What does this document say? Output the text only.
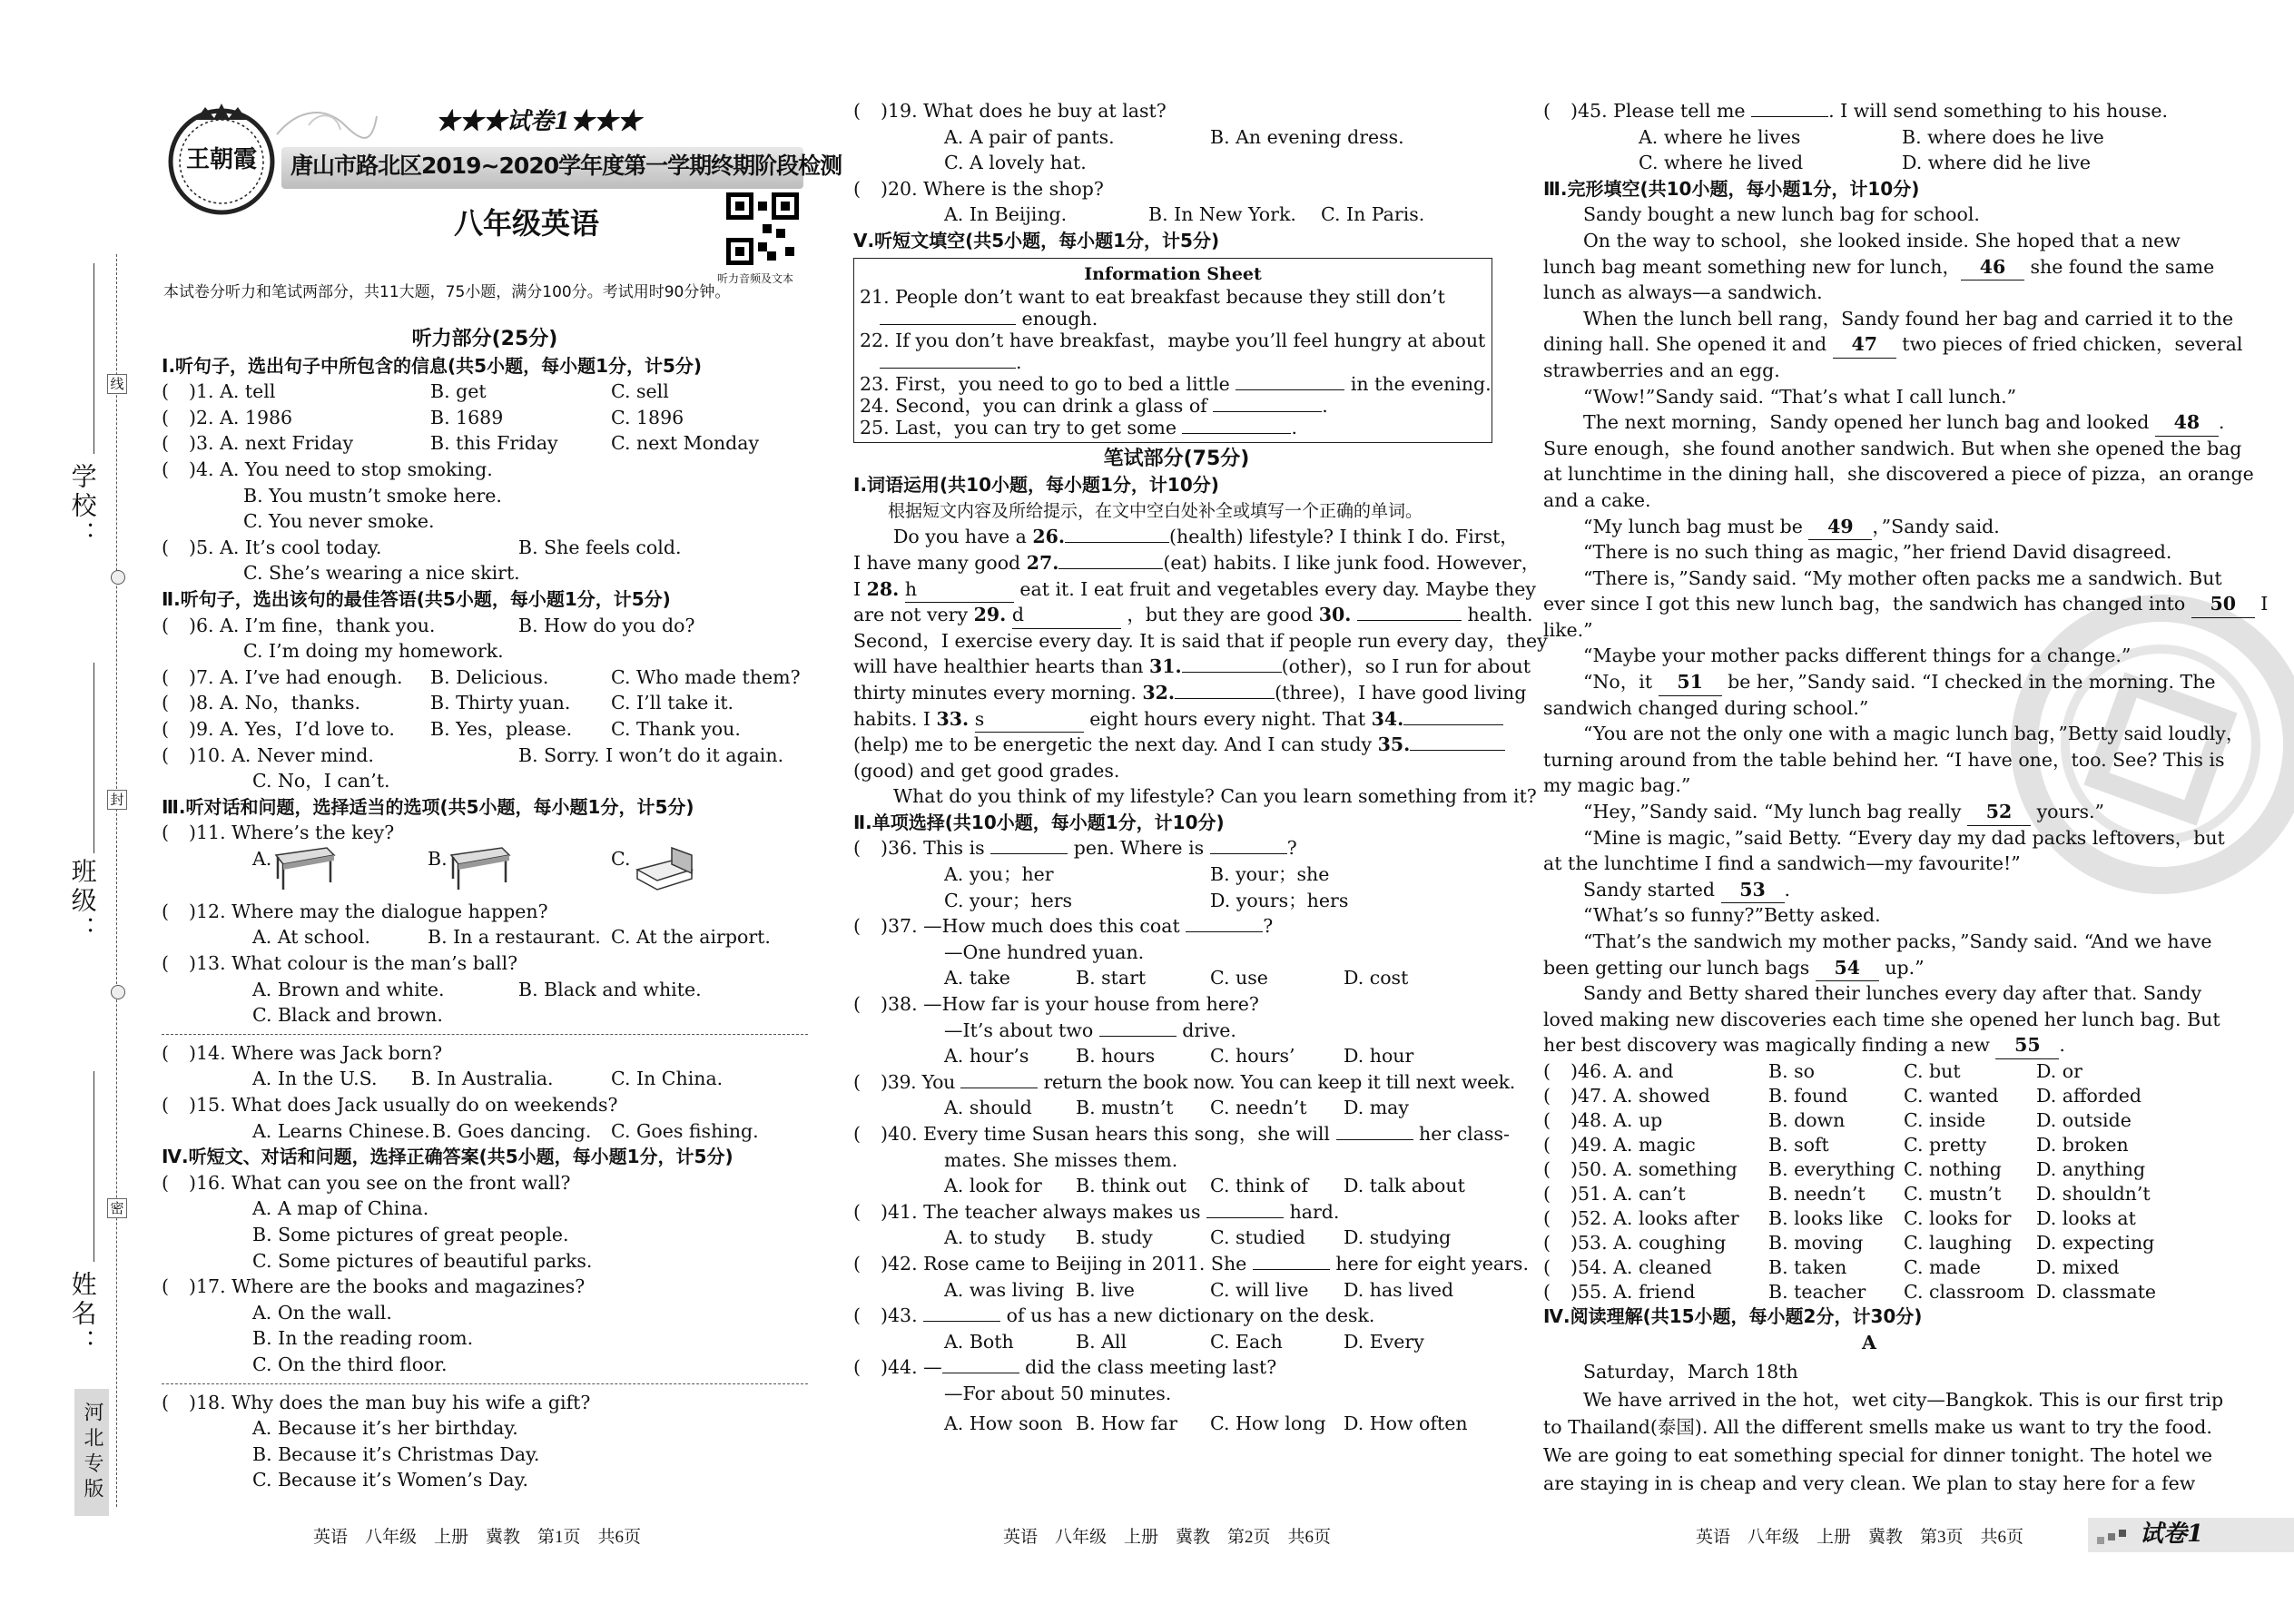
线
封
密
学校：
班级：
姓名：
河北专版
王朝霞
★★★试卷1★★★
唐山市路北区2019~2020学年度第一学期终期阶段检测
八年级英语
听力音频及文本
本试卷分听力和笔试两部分，共11大题，75小题，满分100分。考试用时90分钟。
听力部分(25分)
Ⅰ.听句子，选出句子中所包含的信息(共5小题，每小题1分，计5分)
( )1. A. tell	B. get	C. sell
( )2. A. 1986	B. 1689	C. 1896
( )3. A. next Friday	B. this Friday	C. next Monday
( )4. A. You need to stop smoking.
B. You mustn’t smoke here.
C. You never smoke.
( )5. A. It’s cool today.	B. She feels cold.
C. She’s wearing a nice skirt.
Ⅱ.听句子，选出该句的最佳答语(共5小题，每小题1分，计5分)
( )6. A. I’m fine，thank you.	B. How do you do?
C. I’m doing my homework.
( )7. A. I’ve had enough. B. Delicious.	C. Who made them?
( )8. A. No，thanks.	B. Thirty yuan. C. I’ll take it.
( )9. A. Yes，I’d love to. B. Yes，please. C. Thank you.
( )10. A. Never mind.	B. Sorry. I won’t do it again.
C. No，I can’t.
Ⅲ.听对话和问题，选择适当的选项(共5小题，每小题1分，计5分)
( )11. Where’s the key?
A.	B.	C.
( )12. Where may the dialogue happen?
A. At school.	B. In a restaurant. C. At the airport.
( )13. What colour is the man’s ball?
A. Brown and white.	B. Black and white.
C. Black and brown.
( )14. Where was Jack born?
A. In the U.S. B. In Australia.	C. In China.
( )15. What does Jack usually do on weekends?
A. Learns Chinese. B. Goes dancing. C. Goes fishing.
Ⅳ.听短文、对话和问题，选择正确答案(共5小题，每小题1分，计5分)
( )16. What can you see on the front wall?
A. A map of China.
B. Some pictures of great people.
C. Some pictures of beautiful parks.
( )17. Where are the books and magazines?
A. On the wall.
B. In the reading room.
C. On the third floor.
( )18. Why does the man buy his wife a gift?
A. Because it’s her birthday.
B. Because it’s Christmas Day.
C. Because it’s Women’s Day.
英语　八年级　上册　冀教　第1页　共6页
( )19. What does he buy at last?
A. A pair of pants.	B. An evening dress.
C. A lovely hat.
( )20. Where is the shop?
A. In Beijing.	B. In New York. C. In Paris.
Ⅴ.听短文填空(共5小题，每小题1分，计5分)
Information Sheet
21. People don’t want to eat breakfast because they still don’t
enough.
22. If you don’t have breakfast，maybe you’ll feel hungry at about
.
23. First，you need to go to bed a little	in the evening.
24. Second，you can drink a glass of	.
25. Last，you can try to get some	.
笔试部分(75分)
Ⅰ.词语运用(共10小题，每小题1分，计10分)
根据短文内容及所给提示，在文中空白处补全或填写一个正确的单词。
Do you have a 26.	(health) lifestyle? I think I do. First，
I have many good 27.	(eat) habits. I like junk food. However，
I 28. h	eat it. I eat fruit and vegetables every day. Maybe they
are not very 29. d	，but they are good 30.	health.
Second，I exercise every day. It is said that if people run every day，they
will have healthier hearts than 31.	(other)，so I run for about
thirty minutes every morning. 32.	(three)，I have good living
habits. I 33. s	eight hours every night. That 34.
(help) me to be energetic the next day. And I can study 35.
(good) and get good grades.
What do you think of my lifestyle? Can you learn something from it?
Ⅱ.单项选择(共10小题，每小题1分，计10分)
( )36. This is	pen. Where is	?
A. you；her	B. your；she
C. your；hers	D. yours；hers
( )37. —How much does this coat	?
—One hundred yuan.
A. take	B. start	C. use	D. cost
( )38. —How far is your house from here?
—It’s about two	drive.
A. hour’s	B. hours	C. hours’	D. hour
( )39. You	return the book now. You can keep it till next week.
A. should B. mustn’t C. needn’t D. may
( )40. Every time Susan hears this song，she will	her class-
mates. She misses them.
A. look for B. think out C. think of D. talk about
( )41. The teacher always makes us	hard.
A. to study B. study	C. studied D. studying
( )42. Rose came to Beijing in 2011. She	here for eight years.
A. was living B. live	C. will live D. has lived
( )43.	of us has a new dictionary on the desk.
A. Both	B. All	C. Each	D. Every
( )44. —	did the class meeting last?
—For about 50 minutes.
A. How soon B. How far C. How long D. How often
英语　八年级　上册　冀教　第2页　共6页
( )45. Please tell me	. I will send something to his house.
A. where he lives	B. where does he live
C. where he lived	D. where did he live
Ⅲ.完形填空(共10小题，每小题1分，计10分)
Sandy bought a new lunch bag for school.
On the way to school，she looked inside. She hoped that a new
lunch bag meant something new for lunch， 46 she found the same
lunch as always—a sandwich.
When the lunch bell rang，Sandy found her bag and carried it to the
dining hall. She opened it and 47 two pieces of fried chicken，several
strawberries and an egg.
“Wow!”Sandy said. “That’s what I call lunch.”
The next morning，Sandy opened her lunch bag and looked 48 .
Sure enough，she found another sandwich. But when she opened the bag
at lunchtime in the dining hall，she discovered a piece of pizza，an orange
and a cake.
“My lunch bag must be 49 ，”Sandy said.
“There is no such thing as magic，”her friend David disagreed.
“There is，”Sandy said. “My mother often packs me a sandwich. But
ever since I got this new lunch bag，the sandwich has changed into 50 I
like.”
“Maybe your mother packs different things for a change.”
“No，it 51 be her，”Sandy said. “I checked in the morning. The
sandwich changed during school.”
“You are not the only one with a magic lunch bag，”Betty said loudly，
turning around from the table behind her. “I have one，too. See? This is
my magic bag.”
“Hey，”Sandy said. “My lunch bag really 52 yours.”
“Mine is magic，”said Betty. “Every day my dad packs leftovers，but
at the lunchtime I find a sandwich—my favourite!”
Sandy started 53 .
“What’s so funny?”Betty asked.
“That’s the sandwich my mother packs，”Sandy said. “And we have
been getting our lunch bags 54 up.”
Sandy and Betty shared their lunches every day after that. Sandy
loved making new discoveries each time she opened her lunch bag. But
her best discovery was magically finding a new 55 .
( )46. A. and	B. so	C. but	D. or
( )47. A. showed	B. found	C. wanted D. afforded
( )48. A. up	B. down	C. inside	D. outside
( )49. A. magic	B. soft	C. pretty	D. broken
( )50. A. something B. everything C. nothing D. anything
( )51. A. can’t	B. needn’t C. mustn’t D. shouldn’t
( )52. A. looks after B. looks like C. looks for D. looks at
( )53. A. coughing B. moving C. laughing D. expecting
( )54. A. cleaned	B. taken	C. made	D. mixed
( )55. A. friend	B. teacher C. classroom D. classmate
Ⅳ.阅读理解(共15小题，每小题2分，计30分)
A
Saturday，March 18th
We have arrived in the hot，wet city—Bangkok. This is our first trip
to Thailand(泰国). All the different smells make us want to try the food.
We are going to eat something special for dinner tonight. The hotel we
are staying in is cheap and very clean. We plan to stay here for a few
英语　八年级　上册　冀教　第3页　共6页	试卷1
